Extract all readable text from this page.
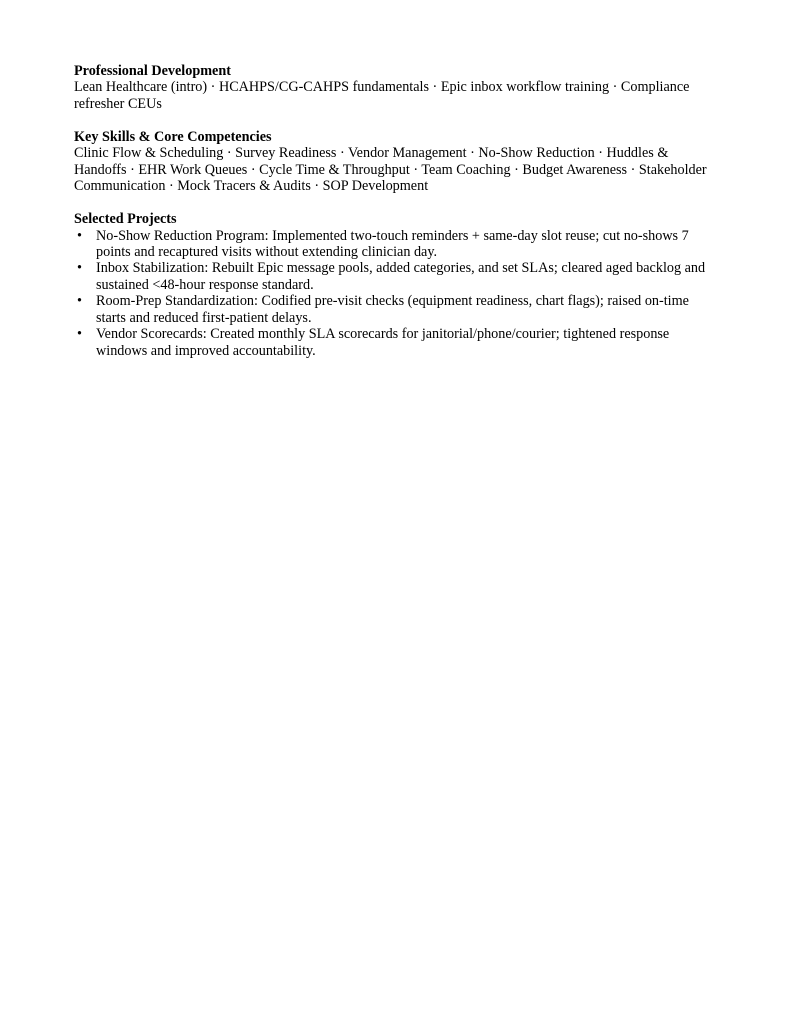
Professional Development

Lean Healthcare (intro) · HCAHPS/CG-CAHPS fundamentals · Epic inbox workflow training · Compliance refresher CEUs

Key Skills & Core Competencies

Clinic Flow & Scheduling · Survey Readiness · Vendor Management · No-Show Reduction · Huddles & Handoffs · EHR Work Queues · Cycle Time & Throughput · Team Coaching · Budget Awareness · Stakeholder Communication · Mock Tracers & Audits · SOP Development

Selected Projects
• No-Show Reduction Program: Implemented two-touch reminders + same-day slot reuse; cut no-shows 7 points and recaptured visits without extending clinician day.
• Inbox Stabilization: Rebuilt Epic message pools, added categories, and set SLAs; cleared aged backlog and sustained <48-hour response standard.
• Room-Prep Standardization: Codified pre-visit checks (equipment readiness, chart flags); raised on-time starts and reduced first-patient delays.
• Vendor Scorecards: Created monthly SLA scorecards for janitorial/phone/courier; tightened response windows and improved accountability.
